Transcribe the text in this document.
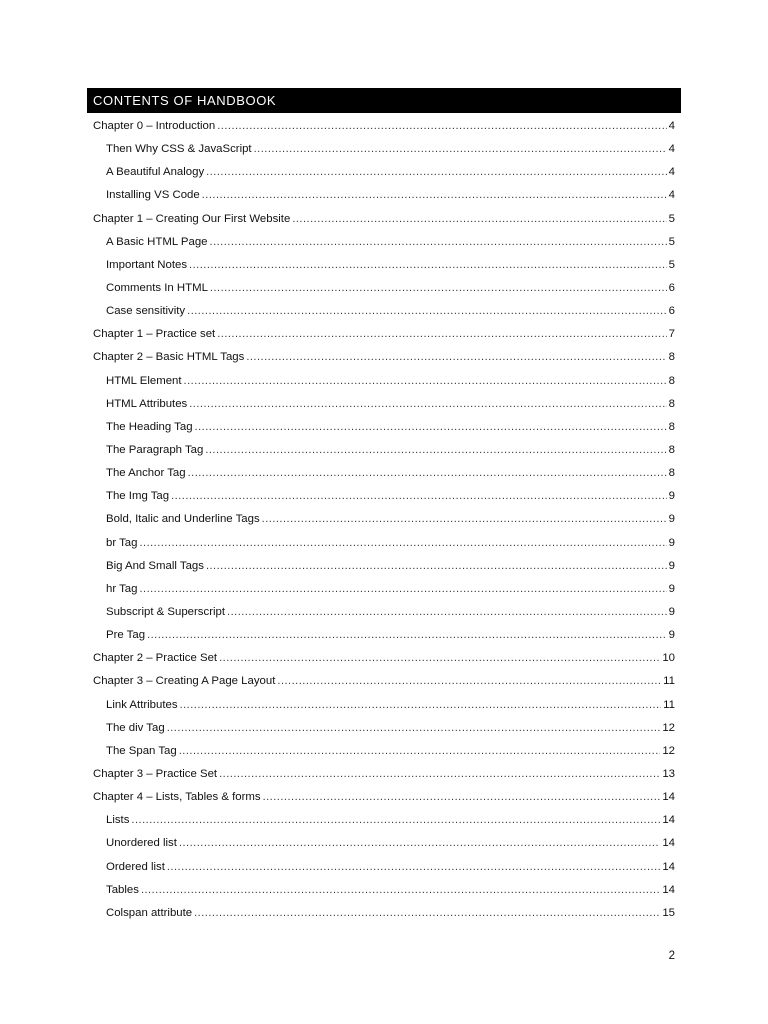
CONTENTS OF HANDBOOK
Chapter 0 – Introduction .....	4
Then Why CSS & JavaScript .....	4
A Beautiful Analogy .....	4
Installing VS Code .....	4
Chapter 1 – Creating Our First Website .....	5
A Basic HTML Page .....	5
Important Notes .....	5
Comments In HTML .....	6
Case sensitivity .....	6
Chapter 1 – Practice set .....	7
Chapter 2 – Basic HTML Tags .....	8
HTML Element .....	8
HTML Attributes .....	8
The Heading Tag .....	8
The Paragraph Tag .....	8
The Anchor Tag .....	8
The Img Tag .....	9
Bold, Italic and Underline Tags .....	9
br Tag .....	9
Big And Small Tags .....	9
hr Tag .....	9
Subscript & Superscript .....	9
Pre Tag .....	9
Chapter 2 – Practice Set .....	10
Chapter 3 – Creating A Page Layout .....	11
Link Attributes .....	11
The div Tag .....	12
The Span Tag .....	12
Chapter 3 – Practice Set .....	13
Chapter 4 – Lists, Tables & forms .....	14
Lists .....	14
Unordered list .....	14
Ordered list .....	14
Tables .....	14
Colspan attribute .....	15
2
